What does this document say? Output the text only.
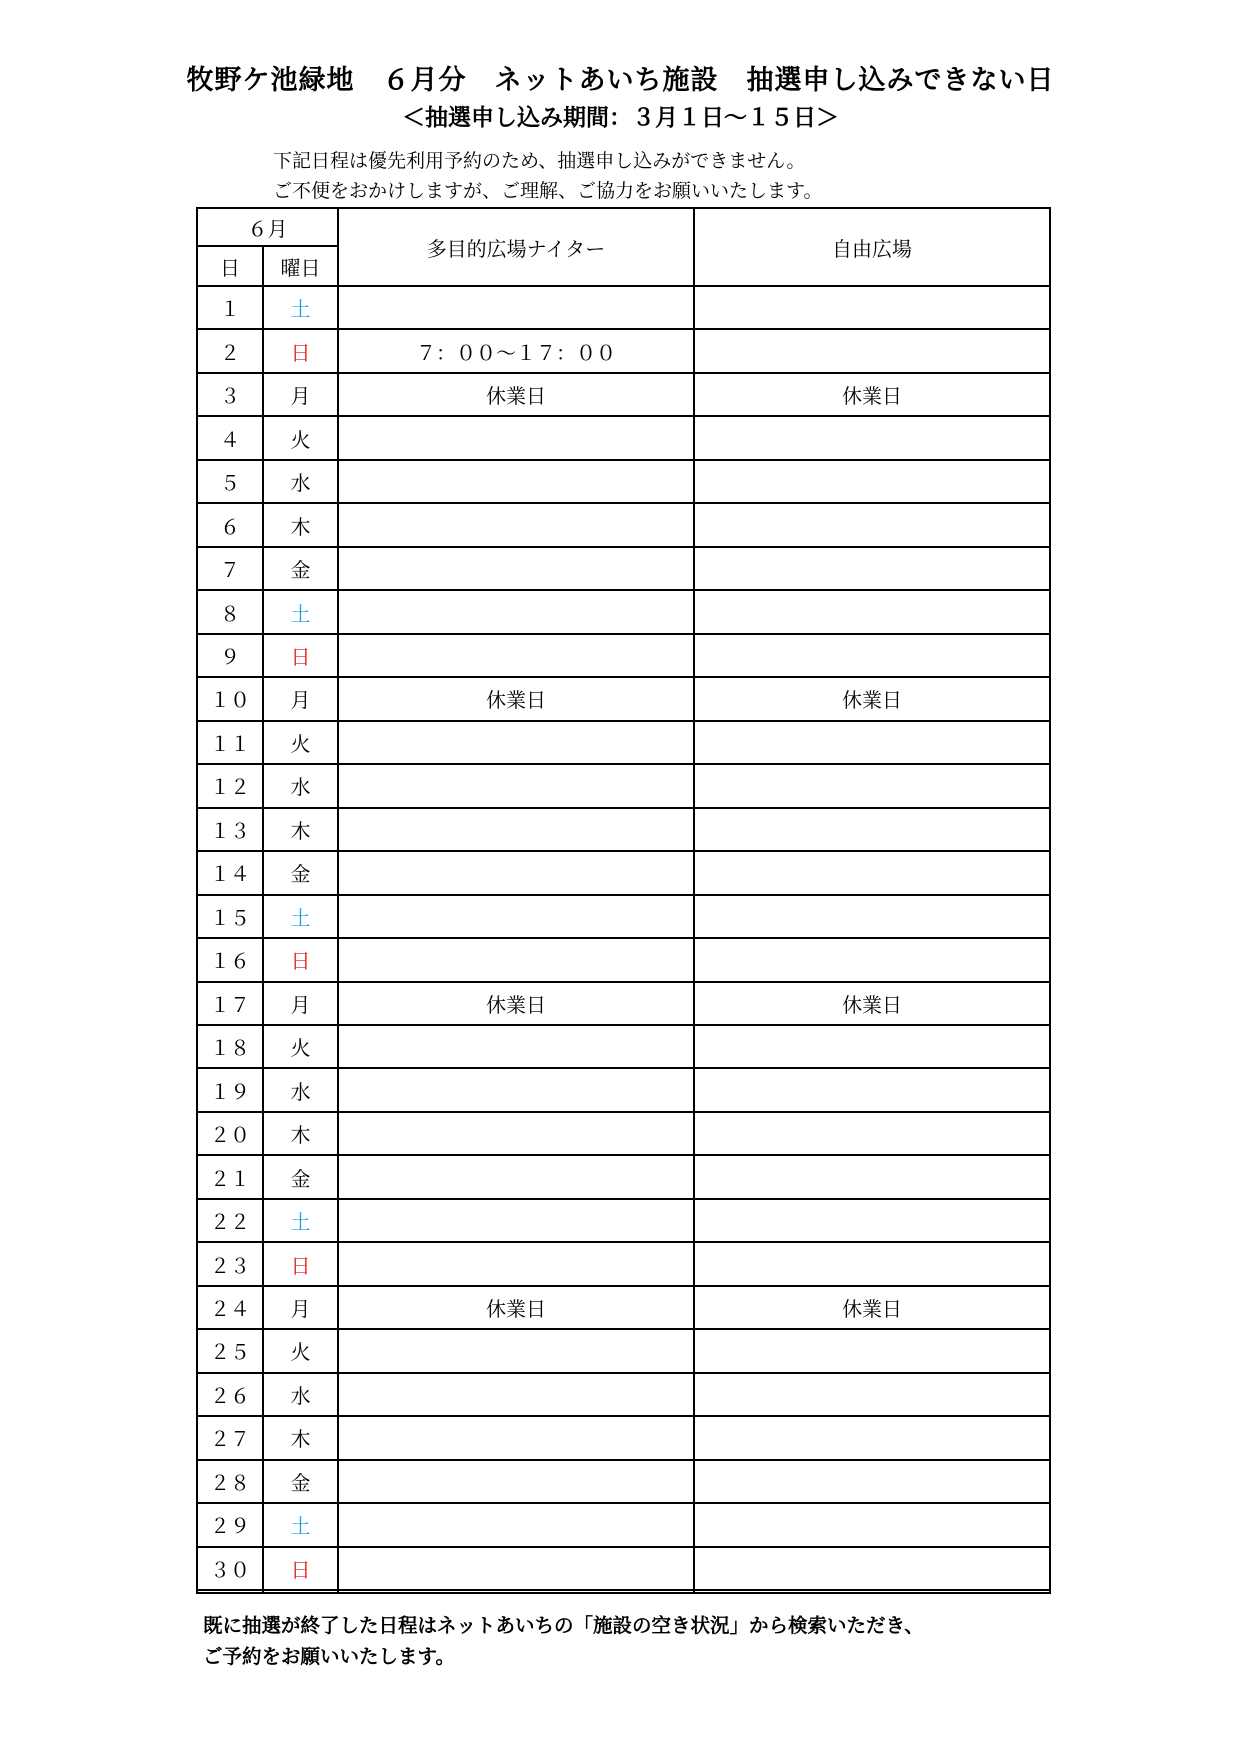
牧野ケ池緑地　６月分　ネットあいち施設　抽選申し込みできない日
＜抽選申し込み期間：３月１日～１５日＞
下記日程は優先利用予約のため、抽選申し込みができません。
ご不便をおかけしますが、ご理解、ご協力をお願いいたします。
６月		多目的広場ナイター	自由広場
日	曜日		
１	土		
２	日	７：００～１７：００	
３	月	休業日	休業日
４	火		
５	水		
６	木		
７	金		
８	土		
９	日		
１０	月	休業日	休業日
１１	火		
１２	水		
１３	木		
１４	金		
１５	土		
１６	日		
１７	月	休業日	休業日
１８	火		
１９	水		
２０	木		
２１	金		
２２	土		
２３	日		
２４	月	休業日	休業日
２５	火		
２６	水		
２７	木		
２８	金		
２９	土		
３０	日		

既に抽選が終了した日程はネットあいちの「施設の空き状況」から検索いただき、
ご予約をお願いいたします。
